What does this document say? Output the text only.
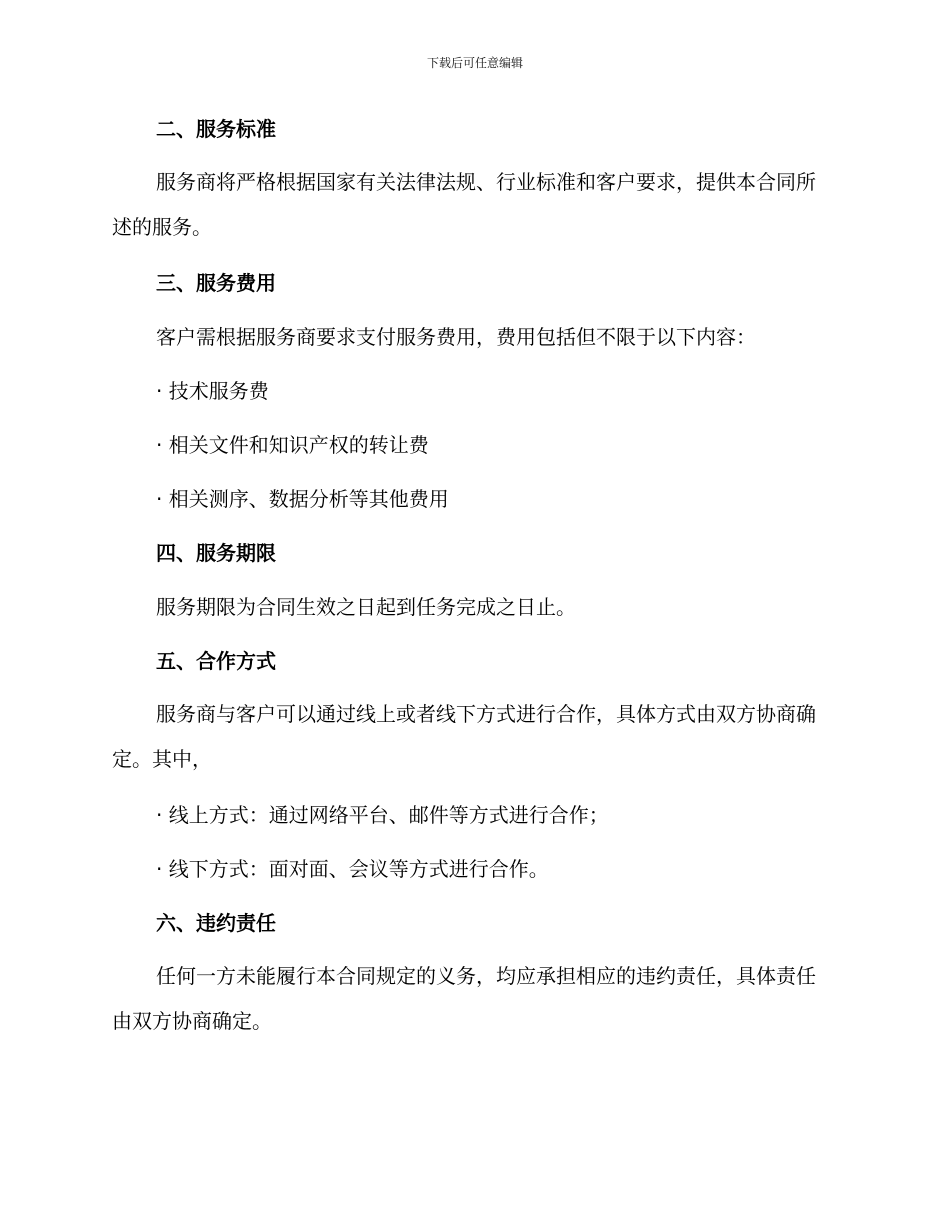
下载后可任意编辑
二、服务标准

服务商将严格根据国家有关法律法规、行业标准和客户要求，提供本合同所述的服务。

三、服务费用
客户需根据服务商要求支付服务费用，费用包括但不限于以下内容：
· 技术服务费
· 相关文件和知识产权的转让费
· 相关测序、数据分析等其他费用
四、服务期限
服务期限为合同生效之日起到任务完成之日止。
五、合作方式

服务商与客户可以通过线上或者线下方式进行合作，具体方式由双方协商确定。其中，

· 线上方式：通过网络平台、邮件等方式进行合作；
· 线下方式：面对面、会议等方式进行合作。
六、违约责任

任何一方未能履行本合同规定的义务，均应承担相应的违约责任，具体责任由双方协商确定。
